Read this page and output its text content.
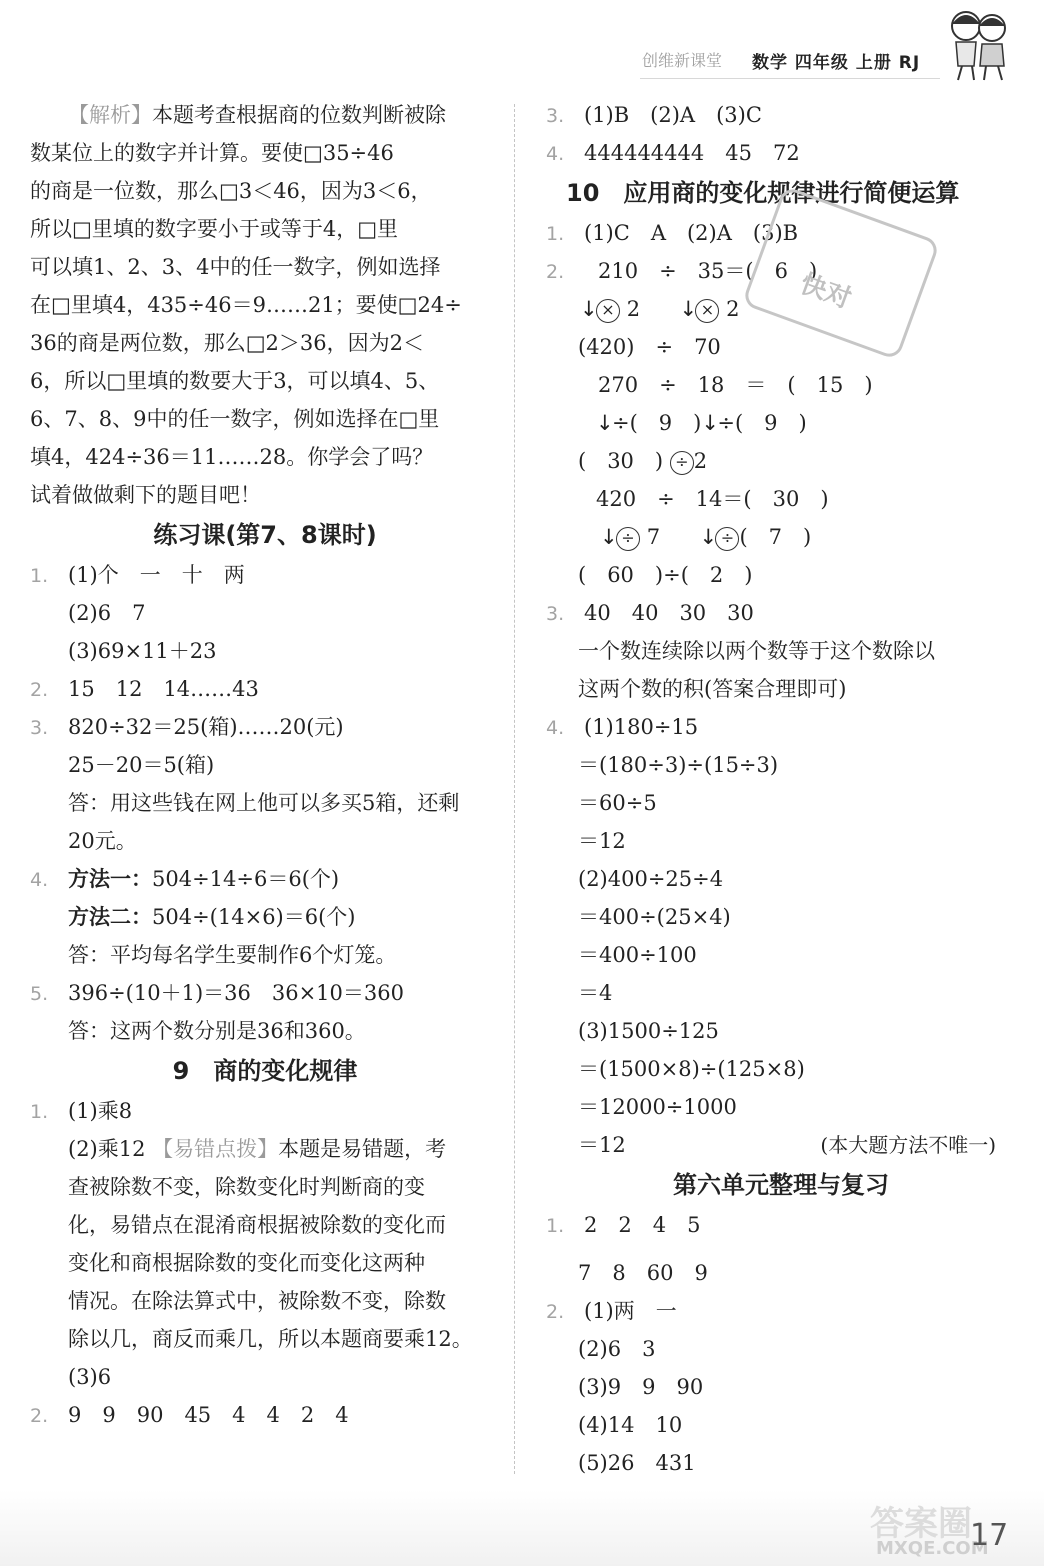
创维新课堂 数学 四年级 上册 RJ
【解析】本题考查根据商的位数判断被除
数某位上的数字并计算。要使□35÷46
的商是一位数，那么□3＜46，因为3＜6，
所以□里填的数字要小于或等于4，□里
可以填1、2、3、4中的任一数字，例如选择
在□里填4，435÷46＝9……21；要使□24÷
36的商是两位数，那么□2＞36，因为2＜
6，所以□里填的数要大于3，可以填4、5、
6、7、8、9中的任一数字，例如选择在□里
填4，424÷36＝11……28。你学会了吗？
试着做做剩下的题目吧！
练习课(第7、8课时)
1. (1)个　一　十　两
(2)6　7
(3)69×11＋23
2. 15　12　14……43
3. 820÷32＝25(箱)……20(元)
25－20＝5(箱)
答：用这些钱在网上他可以多买5箱，还剩
20元。
4. 方法一：504÷14÷6＝6(个)
方法二：504÷(14×6)＝6(个)
答：平均每名学生要制作6个灯笼。
5. 396÷(10＋1)＝36　36×10＝360
答：这两个数分别是36和360。
9　商的变化规律
1. (1)乘8
(2)乘12 【易错点拨】本题是易错题，考
查被除数不变，除数变化时判断商的变
化，易错点在混淆商根据被除数的变化而
变化和商根据除数的变化而变化这两种
情况。在除法算式中，被除数不变，除数
除以几，商反而乘几，所以本题商要乘12。
(3)6
2. 9　9　90　45　4　4　2　4
3. (1)B　(2)A　(3)C
4. 444444444　45　72
10　应用商的变化规律进行简便运算
1. (1)C　A　(2)A　(3)B
2. 210　÷　35＝(　6　)
↓ × 2 ↓ × 2
(420)　÷　70
270　÷　18　＝　(　15　)
↓÷(　9　)↓÷(　9　)
(　30　) ÷ 2
420　÷　14＝(　30　)
↓ ÷ 7 ↓ ÷ (　7　)
(　60　)÷(　2　)
3. 40　40　30　30
一个数连续除以两个数等于这个数除以
这两个数的积(答案合理即可)
4. (1)180÷15
＝(180÷3)÷(15÷3)
＝60÷5
＝12
(2)400÷25÷4
＝400÷(25×4)
＝400÷100
＝4
(3)1500÷125
＝(1500×8)÷(125×8)
＝12000÷1000
＝12	(本大题方法不唯一)
第六单元整理与复习
1. 2　2　4　5
7　8　60　9
2. (1)两　一
(2)6　3
(3)9　9　90
(4)14　10
(5)26　431
快对
答案圈
MXQE.COM
17
